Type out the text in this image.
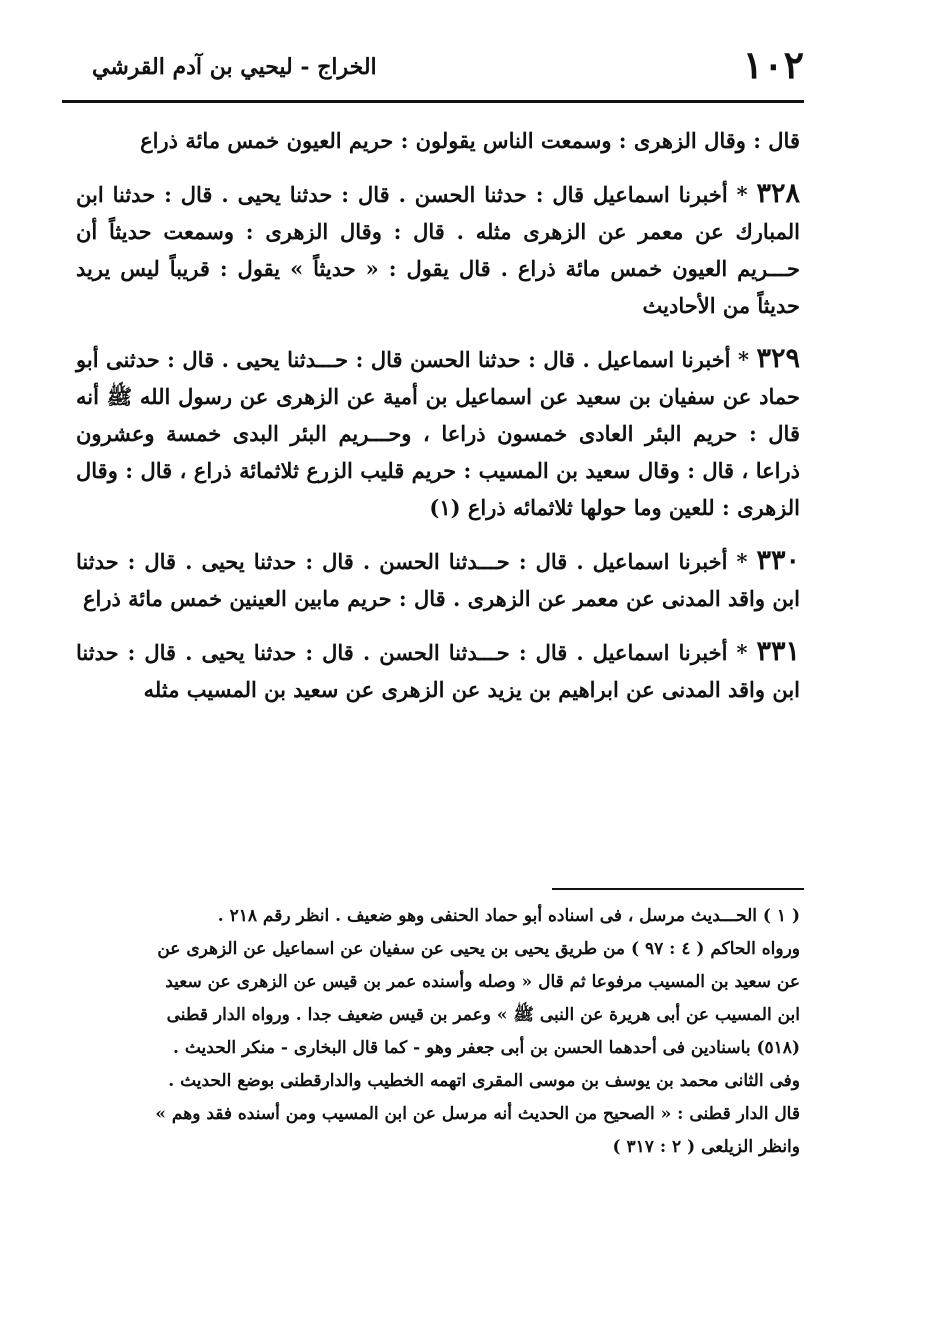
١٠٢
الخراج - ليحيي بن آدم القرشي

قال : وقال الزهرى : وسمعت الناس يقولون : حريم العيون خمس مائة ذراع

٣٢٨ * أخبرنا اسماعيل قال : حدثنا الحسن . قال : حدثنا يحيى . قال : حدثنا ابن المبارك عن معمر عن الزهرى مثله . قال : وقال الزهرى : وسمعت حديثاً أن حـــريم العيون خمس مائة ذراع . قال يقول : « حديثاً » يقول : قريباً ليس يريد حديثاً من الأحاديث

٣٢٩ * أخبرنا اسماعيل . قال : حدثنا الحسن قال : حـــدثنا يحيى . قال : حدثنى أبو حماد عن سفيان بن سعيد عن اسماعيل بن أمية عن الزهرى عن رسول الله ﷺ أنه قال : حريم البئر العادى خمسون ذراعا ، وحـــريم البئر البدى خمسة وعشرون ذراعا ، قال : وقال سعيد بن المسيب : حريم قليب الزرع ثلاثمائة ذراع ، قال : وقال الزهرى : للعين وما حولها ثلاثمائه ذراع (١)

٣٣٠ * أخبرنا اسماعيل . قال : حـــدثنا الحسن . قال : حدثنا يحيى . قال : حدثنا ابن واقد المدنى عن معمر عن الزهرى . قال : حريم مابين العينين خمس مائة ذراع

٣٣١ * أخبرنا اسماعيل . قال : حـــدثنا الحسن . قال : حدثنا يحيى . قال : حدثنا ابن واقد المدنى عن ابراهيم بن يزيد عن الزهرى عن سعيد بن المسيب مثله

( ١ ) الحـــديث مرسل ، فى اسناده أبو حماد الحنفى وهو ضعيف . انظر رقم ٢١٨ .
ورواه الحاكم ( ٤ : ٩٧ ) من طريق يحيى بن يحيى عن سفيان عن اسماعيل عن الزهرى عن
عن سعيد بن المسيب مرفوعا ثم قال « وصله وأسنده عمر بن قيس عن الزهرى عن سعيد
ابن المسيب عن أبى هريرة عن النبى ﷺ » وعمر بن قيس ضعيف جدا . ورواه الدار قطنى
(٥١٨) باسنادين فى أحدهما الحسن بن أبى جعفر وهو - كما قال البخارى - منكر الحديث .
وفى الثانى محمد بن يوسف بن موسى المقرى اتهمه الخطيب والدارقطنى بوضع الحديث .
قال الدار قطنى : « الصحيح من الحديث أنه مرسل عن ابن المسيب ومن أسنده فقد وهم »
وانظر الزيلعى ( ٢ : ٣١٧ )
